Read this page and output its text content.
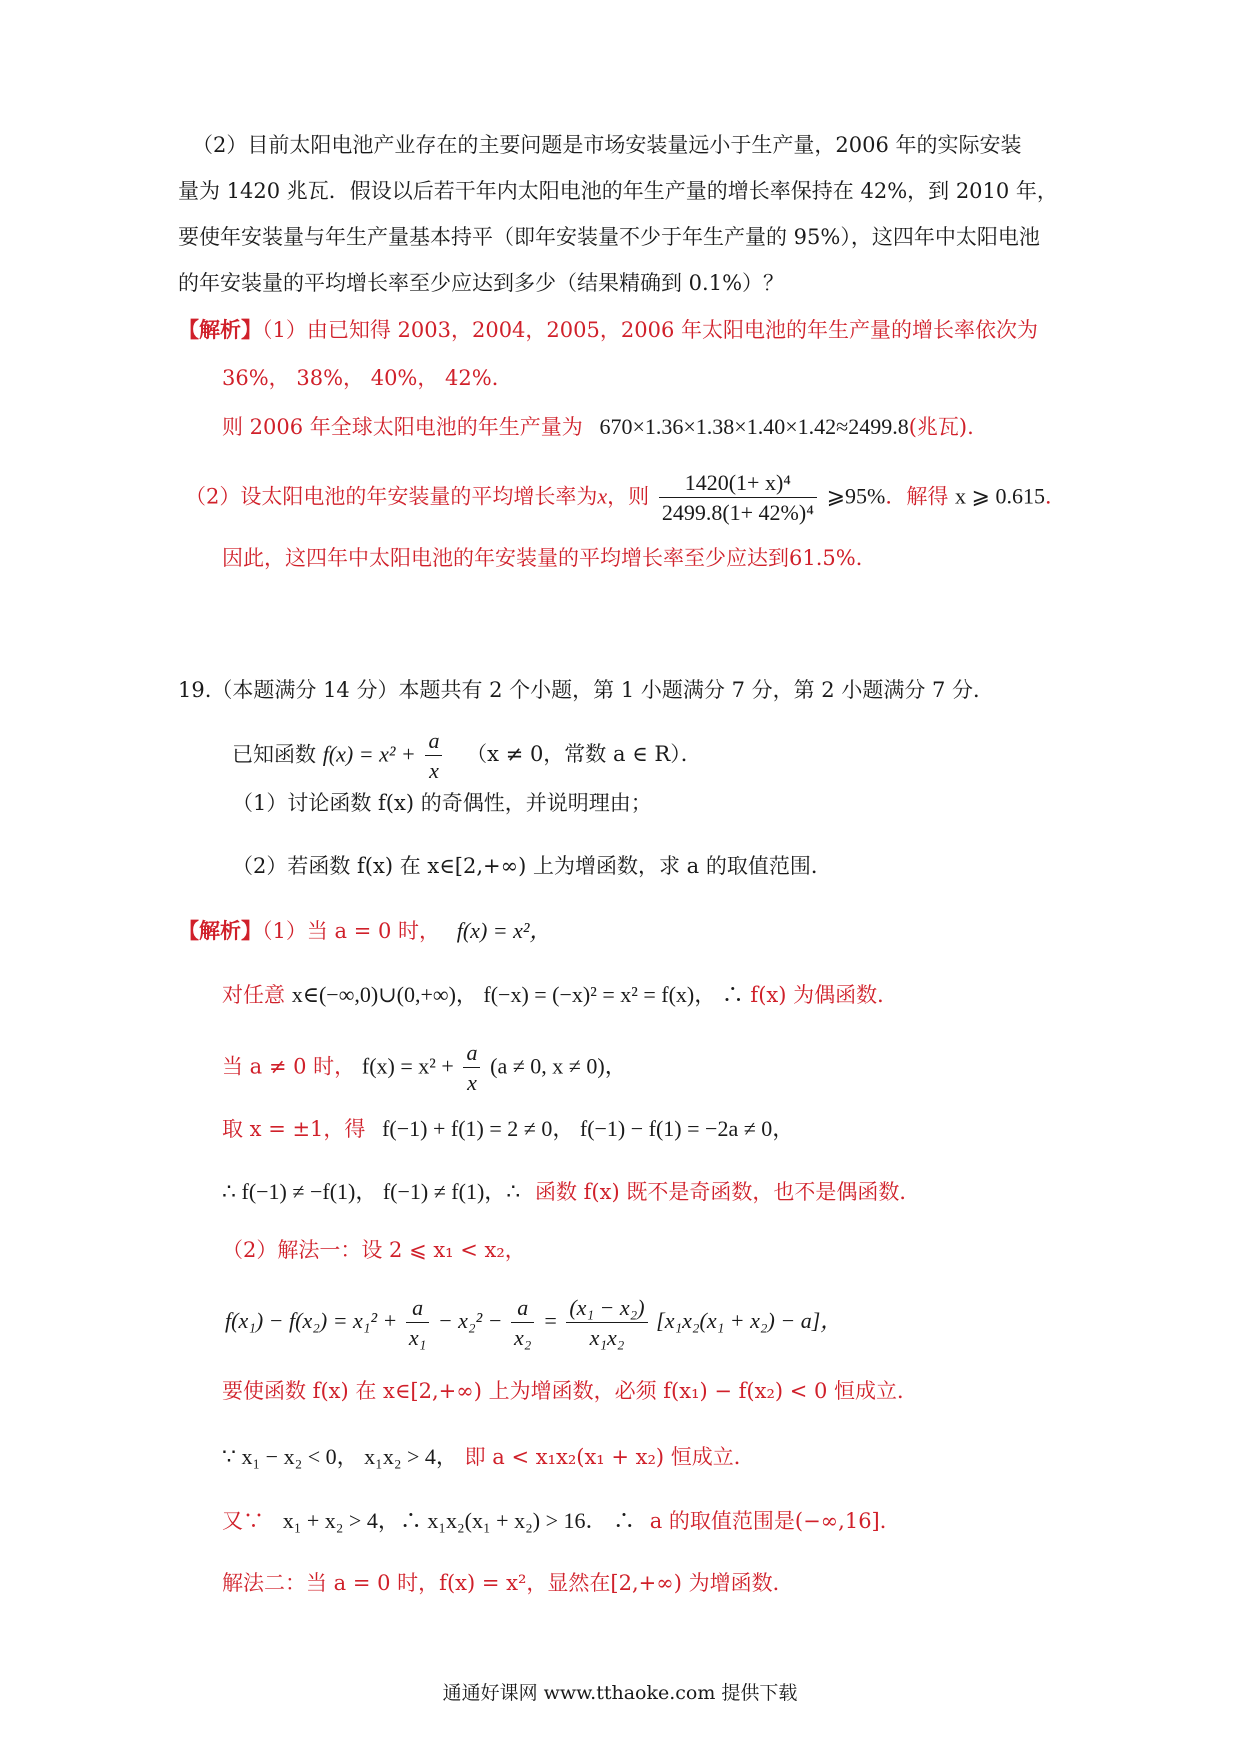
（2）目前太阳电池产业存在的主要问题是市场安装量远小于生产量，2006 年的实际安装
量为 1420 兆瓦．假设以后若干年内太阳电池的年生产量的增长率保持在 42%，到 2010 年，
要使年安装量与年生产量基本持平（即年安装量不少于年生产量的 95%），这四年中太阳电池
的年安装量的平均增长率至少应达到多少（结果精确到 0.1%）？
【解析】（1）由已知得 2003，2004，2005，2006 年太阳电池的年生产量的增长率依次为
36%， 38%， 40%， 42%．
则 2006 年全球太阳电池的年生产量为 670×1.36×1.38×1.40×1.42≈2499.8(兆瓦).
（2）设太阳电池的年安装量的平均增长率为x，则 $\frac{\text{1420(1+ x)⁴}}{\text{2499.8(1+ 42\%)⁴}}$ ⩾95%．解得 x ⩾ 0.615．
因此，这四年中太阳电池的年安装量的平均增长率至少应达到61.5%．
19.（本题满分 14 分）本题共有 2 个小题，第 1 小题满分 7 分，第 2 小题满分 7 分．
已知函数 $f(x) = x^2 + \frac{a}{x} (x \ne 0$，常数 a ∈ R）．
（1）讨论函数 f(x) 的奇偶性，并说明理由；
（2）若函数 f(x) 在 x∈[2,+∞) 上为增函数，求 a 的取值范围．
【解析】（1）当 a = 0 时， f(x) = x²，
对任意 x∈(−∞,0)∪(0,+∞)， f(−x) = (−x)² = x² = f(x)， ∴ f(x) 为偶函数．
当 a ≠ 0 时， $f(x) = x^2 + \frac{a}{x} (a \ne 0$, x ≠ 0)，
取 x = ±1，得 f(−1) + f(1) = 2 ≠ 0， f(−1) − f(1) = −2a ≠ 0，
∴ f(−1) ≠ −f(1)， f(−1) ≠ f(1)，∴ 函数 f(x) 既不是奇函数，也不是偶函数．
（2）解法一：设 2 ⩽ x₁ < x₂，
$f(x_1) - f(x_2) = x_1^2 + \frac{a}{\text{x₁}} - x_2^2 - \frac{a}{\text{x₂}} = \frac{\text{(x₁ − x₂)}}{\text{x₁x₂}} [x_1x_2(x_1 + x_2) - a]$，
要使函数 f(x) 在 x∈[2,+∞) 上为增函数，必须 f(x₁) − f(x₂) < 0 恒成立．
∵ x₁ − x₂ < 0， x₁x₂ > 4， 即 a < x₁x₂(x₁ + x₂) 恒成立．
又∵ x₁ + x₂ > 4，∴ x₁x₂(x₁ + x₂) > 16． ∴ a 的取值范围是(−∞,16]．
解法二：当 a = 0 时，f(x) = x²，显然在[2,+∞) 为增函数．
通通好课网 www.tthaoke.com 提供下载
